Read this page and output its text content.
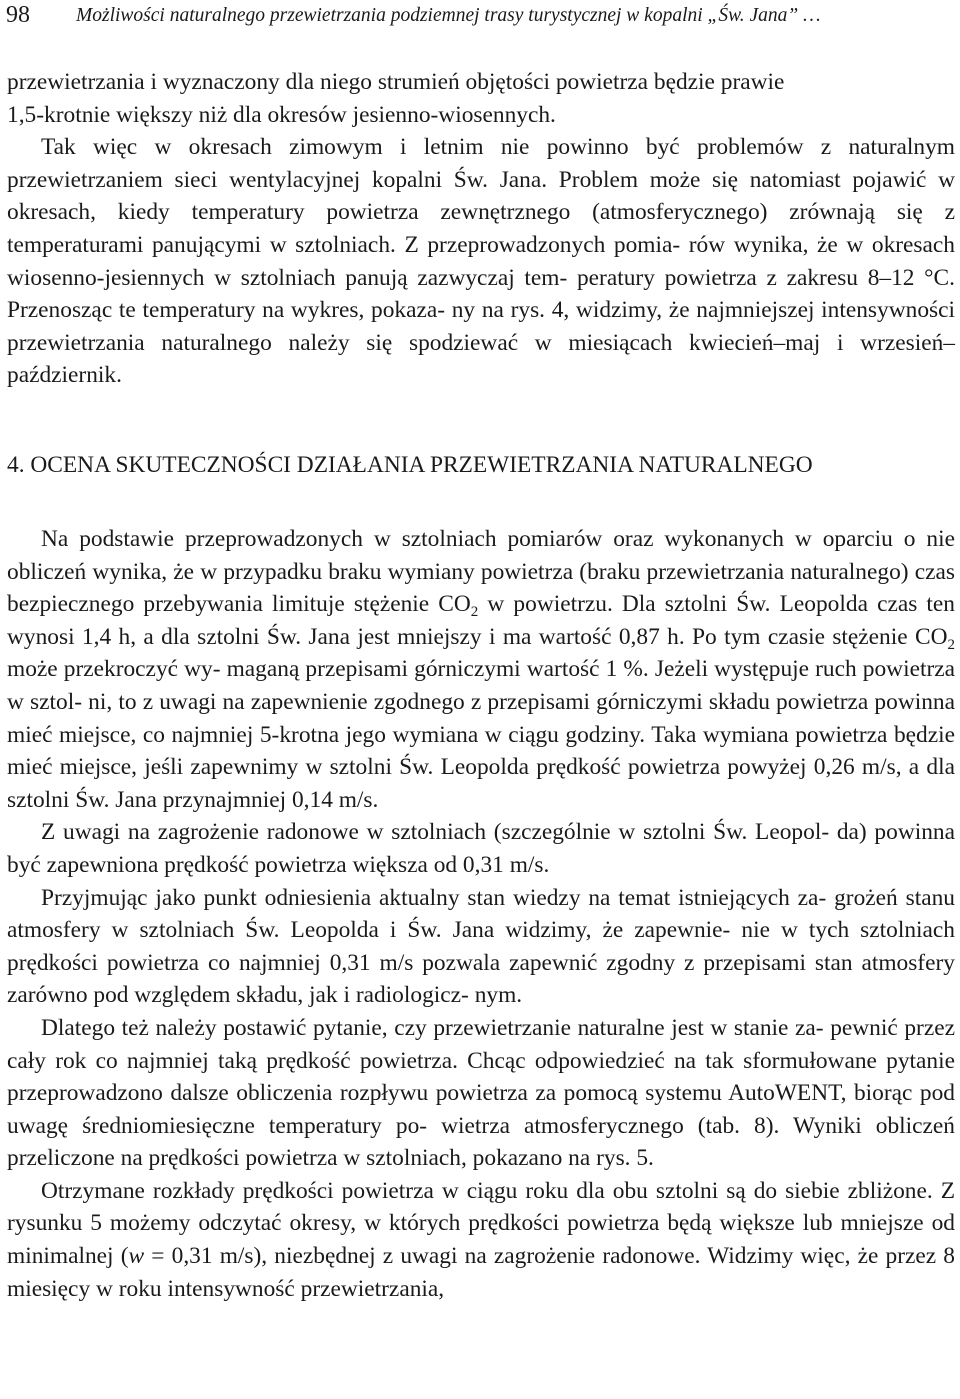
98 Możliwości naturalnego przewietrzania podziemnej trasy turystycznej w kopalni „Św. Jana” …

przewietrzania i wyznaczony dla niego strumień objętości powietrza będzie prawie
1,5-krotnie większy niż dla okresów jesienno-wiosennych.

Tak więc w okresach zimowym i letnim nie powinno być problemów z naturalnym przewietrzaniem sieci wentylacyjnej kopalni Św. Jana. Problem może się natomiast pojawić w okresach, kiedy temperatury powietrza zewnętrznego (atmosferycznego) zrównają się z temperaturami panującymi w sztolniach. Z przeprowadzonych pomia- rów wynika, że w okresach wiosenno-jesiennych w sztolniach panują zazwyczaj tem- peratury powietrza z zakresu 8–12 °C. Przenosząc te temperatury na wykres, pokaza- ny na rys. 4, widzimy, że najmniejszej intensywności przewietrzania naturalnego należy się spodziewać w miesiącach kwiecień–maj i wrzesień–październik.

4. OCENA SKUTECZNOŚCI DZIAŁANIA PRZEWIETRZANIA NATURALNEGO

Na podstawie przeprowadzonych w sztolniach pomiarów oraz wykonanych w oparciu o nie obliczeń wynika, że w przypadku braku wymiany powietrza (braku przewietrzania naturalnego) czas bezpiecznego przebywania limituje stężenie $CO_2$ w powietrzu. Dla sztolni Św. Leopolda czas ten wynosi 1,4 h, a dla sztolni Św. Jana jest mniejszy i ma wartość 0,87 h. Po tym czasie stężenie $CO_2$ może przekroczyć wy- maganą przepisami górniczymi wartość 1 %. Jeżeli występuje ruch powietrza w sztol- ni, to z uwagi na zapewnienie zgodnego z przepisami górniczymi składu powietrza powinna mieć miejsce, co najmniej 5-krotna jego wymiana w ciągu godziny. Taka wymiana powietrza będzie mieć miejsce, jeśli zapewnimy w sztolni Św. Leopolda prędkość powietrza powyżej 0,26 m/s, a dla sztolni Św. Jana przynajmniej 0,14 m/s.

Z uwagi na zagrożenie radonowe w sztolniach (szczególnie w sztolni Św. Leopol- da) powinna być zapewniona prędkość powietrza większa od 0,31 m/s.

Przyjmując jako punkt odniesienia aktualny stan wiedzy na temat istniejących za- grożeń stanu atmosfery w sztolniach Św. Leopolda i Św. Jana widzimy, że zapewnie- nie w tych sztolniach prędkości powietrza co najmniej 0,31 m/s pozwala zapewnić zgodny z przepisami stan atmosfery zarówno pod względem składu, jak i radiologicz- nym.

Dlatego też należy postawić pytanie, czy przewietrzanie naturalne jest w stanie za- pewnić przez cały rok co najmniej taką prędkość powietrza. Chcąc odpowiedzieć na tak sformułowane pytanie przeprowadzono dalsze obliczenia rozpływu powietrza za pomocą systemu AutoWENT, biorąc pod uwagę średniomiesięczne temperatury po- wietrza atmosferycznego (tab. 8). Wyniki obliczeń przeliczone na prędkości powietrza w sztolniach, pokazano na rys. 5.

Otrzymane rozkłady prędkości powietrza w ciągu roku dla obu sztolni są do siebie zbliżone. Z rysunku 5 możemy odczytać okresy, w których prędkości powietrza będą większe lub mniejsze od minimalnej (w = 0,31 m/s), niezbędnej z uwagi na zagrożenie radonowe. Widzimy więc, że przez 8 miesięcy w roku intensywność przewietrzania,
